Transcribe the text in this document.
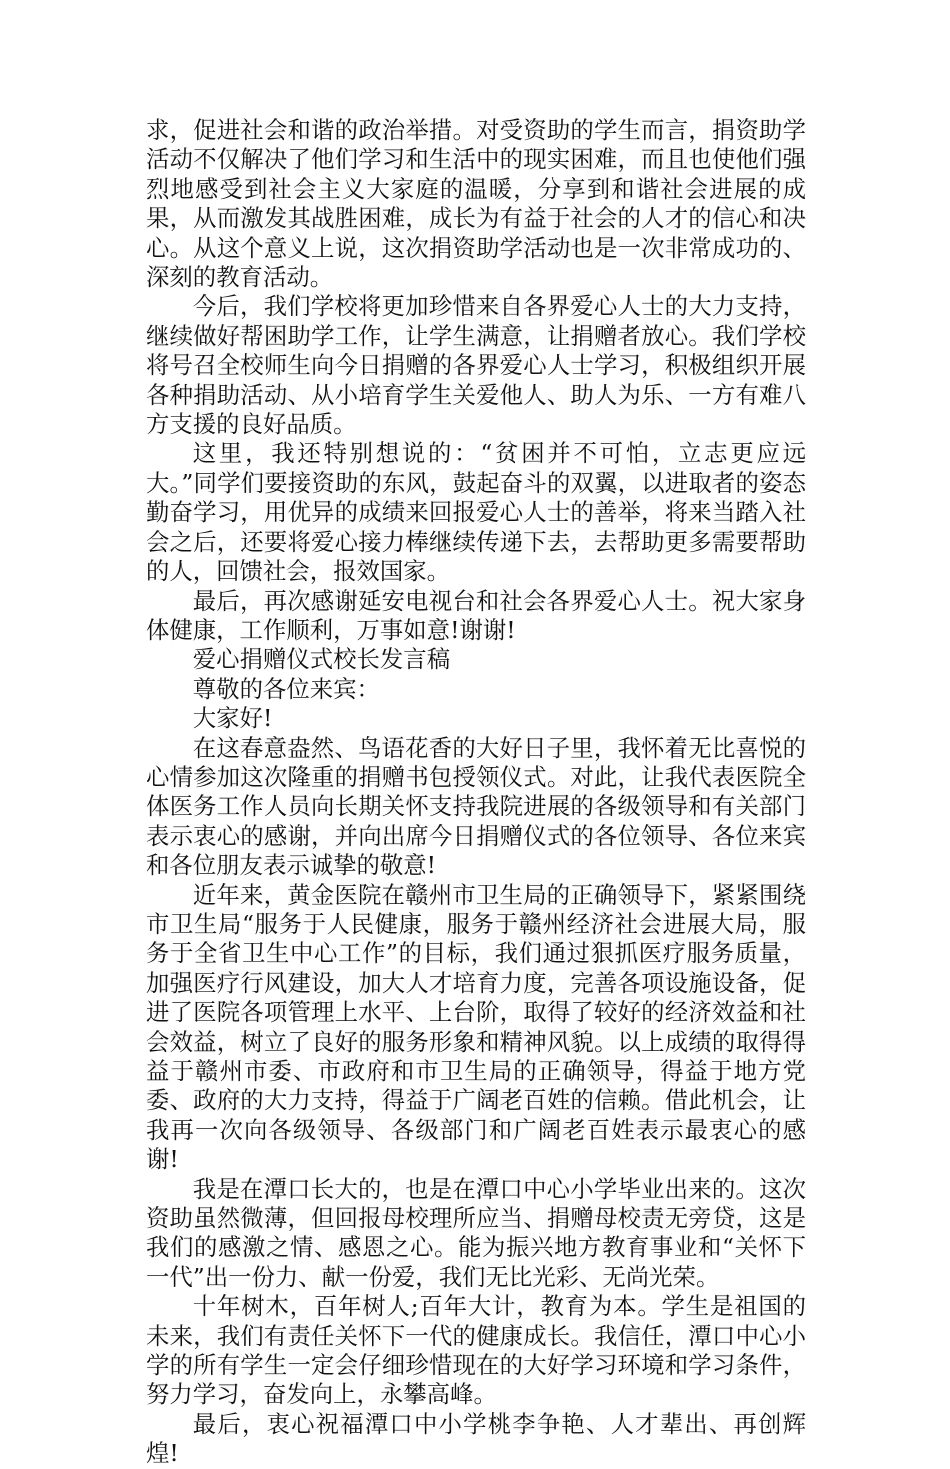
求，促进社会和谐的政治举措。对受资助的学生而言，捐资助学活动不仅解决了他们学习和生活中的现实困难，而且也使他们强烈地感受到社会主义大家庭的温暖，分享到和谐社会进展的成果，从而激发其战胜困难，成长为有益于社会的人才的信心和决心。从这个意义上说，这次捐资助学活动也是一次非常成功的、深刻的教育活动。

今后，我们学校将更加珍惜来自各界爱心人士的大力支持，继续做好帮困助学工作，让学生满意，让捐赠者放心。我们学校将号召全校师生向今日捐赠的各界爱心人士学习，积极组织开展各种捐助活动、从小培育学生关爱他人、助人为乐、一方有难八方支援的良好品质。

这里，我还特别想说的：“贫困并不可怕，立志更应远大。”同学们要接资助的东风，鼓起奋斗的双翼，以进取者的姿态勤奋学习，用优异的成绩来回报爱心人士的善举，将来当踏入社会之后，还要将爱心接力棒继续传递下去，去帮助更多需要帮助的人，回馈社会，报效国家。

最后，再次感谢延安电视台和社会各界爱心人士。祝大家身体健康，工作顺利，万事如意!谢谢!

爱心捐赠仪式校长发言稿

尊敬的各位来宾：

大家好!

在这春意盎然、鸟语花香的大好日子里，我怀着无比喜悦的心情参加这次隆重的捐赠书包授领仪式。对此，让我代表医院全体医务工作人员向长期关怀支持我院进展的各级领导和有关部门表示衷心的感谢，并向出席今日捐赠仪式的各位领导、各位来宾和各位朋友表示诚挚的敬意!

近年来，黄金医院在赣州市卫生局的正确领导下，紧紧围绕市卫生局“服务于人民健康，服务于赣州经济社会进展大局，服务于全省卫生中心工作”的目标，我们通过狠抓医疗服务质量，加强医疗行风建设，加大人才培育力度，完善各项设施设备，促进了医院各项管理上水平、上台阶，取得了较好的经济效益和社会效益，树立了良好的服务形象和精神风貌。以上成绩的取得得益于赣州市委、市政府和市卫生局的正确领导，得益于地方党委、政府的大力支持，得益于广阔老百姓的信赖。借此机会，让我再一次向各级领导、各级部门和广阔老百姓表示最衷心的感谢!

我是在潭口长大的，也是在潭口中心小学毕业出来的。这次资助虽然微薄，但回报母校理所应当、捐赠母校责无旁贷，这是我们的感激之情、感恩之心。能为振兴地方教育事业和“关怀下一代”出一份力、献一份爱，我们无比光彩、无尚光荣。

十年树木，百年树人;百年大计，教育为本。学生是祖国的未来，我们有责任关怀下一代的健康成长。我信任，潭口中心小学的所有学生一定会仔细珍惜现在的大好学习环境和学习条件，努力学习，奋发向上，永攀高峰。

最后，衷心祝福潭口中小学桃李争艳、人才辈出、再创辉煌!
